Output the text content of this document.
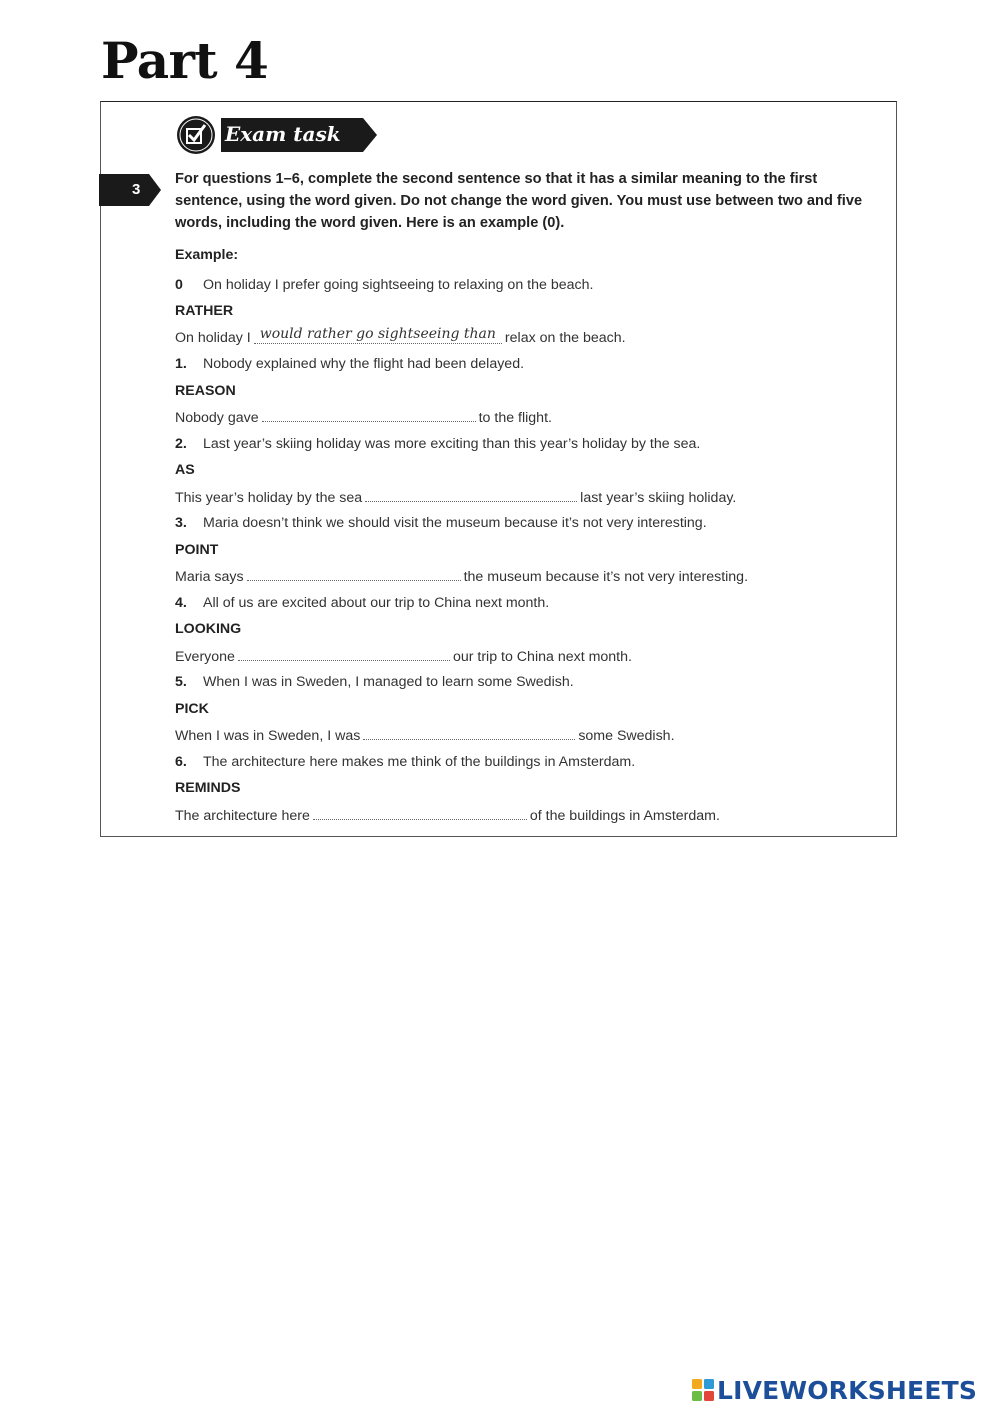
Part 4
Exam task
3
For questions 1–6, complete the second sentence so that it has a similar meaning to the first sentence, using the word given. Do not change the word given. You must use between two and five words, including the word given. Here is an example (0).
Example:
0 On holiday I prefer going sightseeing to relaxing on the beach.
RATHER
On holiday I would rather go sightseeing than relax on the beach.
1. Nobody explained why the flight had been delayed.
REASON
Nobody gave	to the flight.
2. Last year’s skiing holiday was more exciting than this year’s holiday by the sea.
AS
This year’s holiday by the sea	last year’s skiing holiday.
3. Maria doesn’t think we should visit the museum because it’s not very interesting.
POINT
Maria says	the museum because it’s not very interesting.
4. All of us are excited about our trip to China next month.
LOOKING
Everyone	our trip to China next month.
5. When I was in Sweden, I managed to learn some Swedish.
PICK
When I was in Sweden, I was	some Swedish.
6. The architecture here makes me think of the buildings in Amsterdam.
REMINDS
The architecture here	of the buildings in Amsterdam.
LIVEWORKSHEETS
